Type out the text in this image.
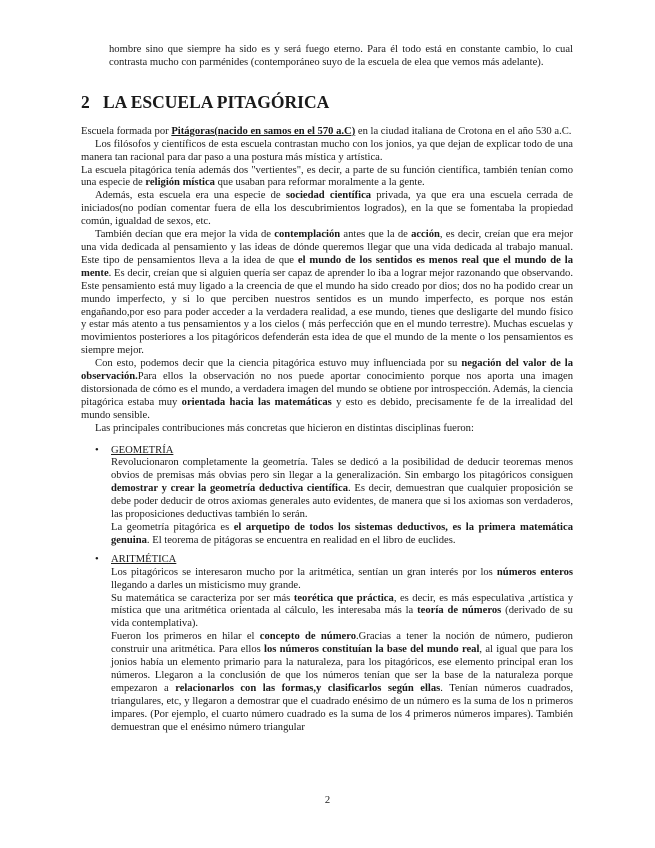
hombre sino que siempre ha sido es y será fuego eterno. Para él todo está en constante cambio, lo cual contrasta mucho con parménides (contemporáneo suyo de la escuela de elea que vemos más adelante).

2 LA ESCUELA PITAGÓRICA

Escuela formada por Pitágoras(nacido en samos en el 570 a.C) en la ciudad italiana de Crotona en el año 530 a.C.

Los filósofos y científicos de esta escuela contrastan mucho con los jonios, ya que dejan de explicar todo de una manera tan racional para dar paso a una postura más mística y artística.

La escuela pitagórica tenía además dos "vertientes", es decir, a parte de su función científica, también tenían como una especie de religión mística que usaban para reformar moralmente a la gente.

Además, esta escuela era una especie de sociedad científica privada, ya que era una escuela cerrada de iniciados(no podían comentar fuera de ella los descubrimientos logrados), en la que se fomentaba la propiedad común, igualdad de sexos, etc.

También decían que era mejor la vida de contemplación antes que la de acción, es decir, creían que era mejor una vida dedicada al pensamiento y las ideas de dónde queremos llegar que una vida dedicada al trabajo manual. Este tipo de pensamientos lleva a la idea de que el mundo de los sentidos es menos real que el mundo de la mente. Es decir, creían que si alguien quería ser capaz de aprender lo iba a lograr mejor razonando que observando. Este pensamiento está muy ligado a la creencia de que el mundo ha sido creado por dios; dos no ha podido crear un mundo imperfecto, y si lo que perciben nuestros sentidos es un mundo imperfecto, es porque nos están engañando,por eso para poder acceder a la verdadera realidad, a ese mundo, tienes que desligarte del mundo físico y estar más atento a tus pensamientos y a los cielos ( más perfección que en el mundo terrestre). Muchas escuelas y movimientos posteriores a los pitagóricos defenderán esta idea de que el mundo de la mente o los pensamientos es siempre mejor.

Con esto, podemos decir que la ciencia pitagórica estuvo muy influenciada por su negación del valor de la observación.Para ellos la observación no nos puede aportar conocimiento porque nos aporta una imagen distorsionada de cómo es el mundo, a verdadera imagen del mundo se obtiene por introspección. Además, la ciencia pitagórica estaba muy orientada hacia las matemáticas y esto es debido, precisamente fe de la irrealidad del mundo sensible.

Las principales contribuciones más concretas que hicieron en distintas disciplinas fueron:

• GEOMETRÍA

Revolucionaron completamente la geometría. Tales se dedicó a la posibilidad de deducir teoremas menos obvios de premisas más obvias pero sin llegar a la generalización. Sin embargo los pitagóricos consiguen demostrar y crear la geometría deductiva científica. Es decir, demuestran que cualquier proposición se debe poder deducir de otros axiomas generales auto evidentes, de manera que si los axiomas son verdaderos, las proposiciones deductivas también lo serán.

La geometría pitagórica es el arquetipo de todos los sistemas deductivos, es la primera matemática genuina. El teorema de pitágoras se encuentra en realidad en el libro de euclides.

• ARITMÉTICA

Los pitagóricos se interesaron mucho por la aritmética, sentían un gran interés por los números enteros llegando a darles un misticismo muy grande.

Su matemática se caracteriza por ser más teorética que práctica, es decir, es más especulativa ,artística y mística que una aritmética orientada al cálculo, les interesaba más la teoría de números (derivado de su vida contemplativa).

Fueron los primeros en hilar el concepto de número.Gracias a tener la noción de número, pudieron construir una aritmética. Para ellos los números constituían la base del mundo real, al igual que para los jonios había un elemento primario para la naturaleza, para los pitagóricos, ese elemento principal eran los números. Llegaron a la conclusión de que los números tenían que ser la base de la naturaleza porque empezaron a relacionarlos con las formas,y clasificarlos según ellas. Tenían números cuadrados, triangulares, etc, y llegaron a demostrar que el cuadrado enésimo de un número es la suma de los n primeros impares. (Por ejemplo, el cuarto número cuadrado es la suma de los 4 primeros números impares). También demuestran que el enésimo número triangular

2
